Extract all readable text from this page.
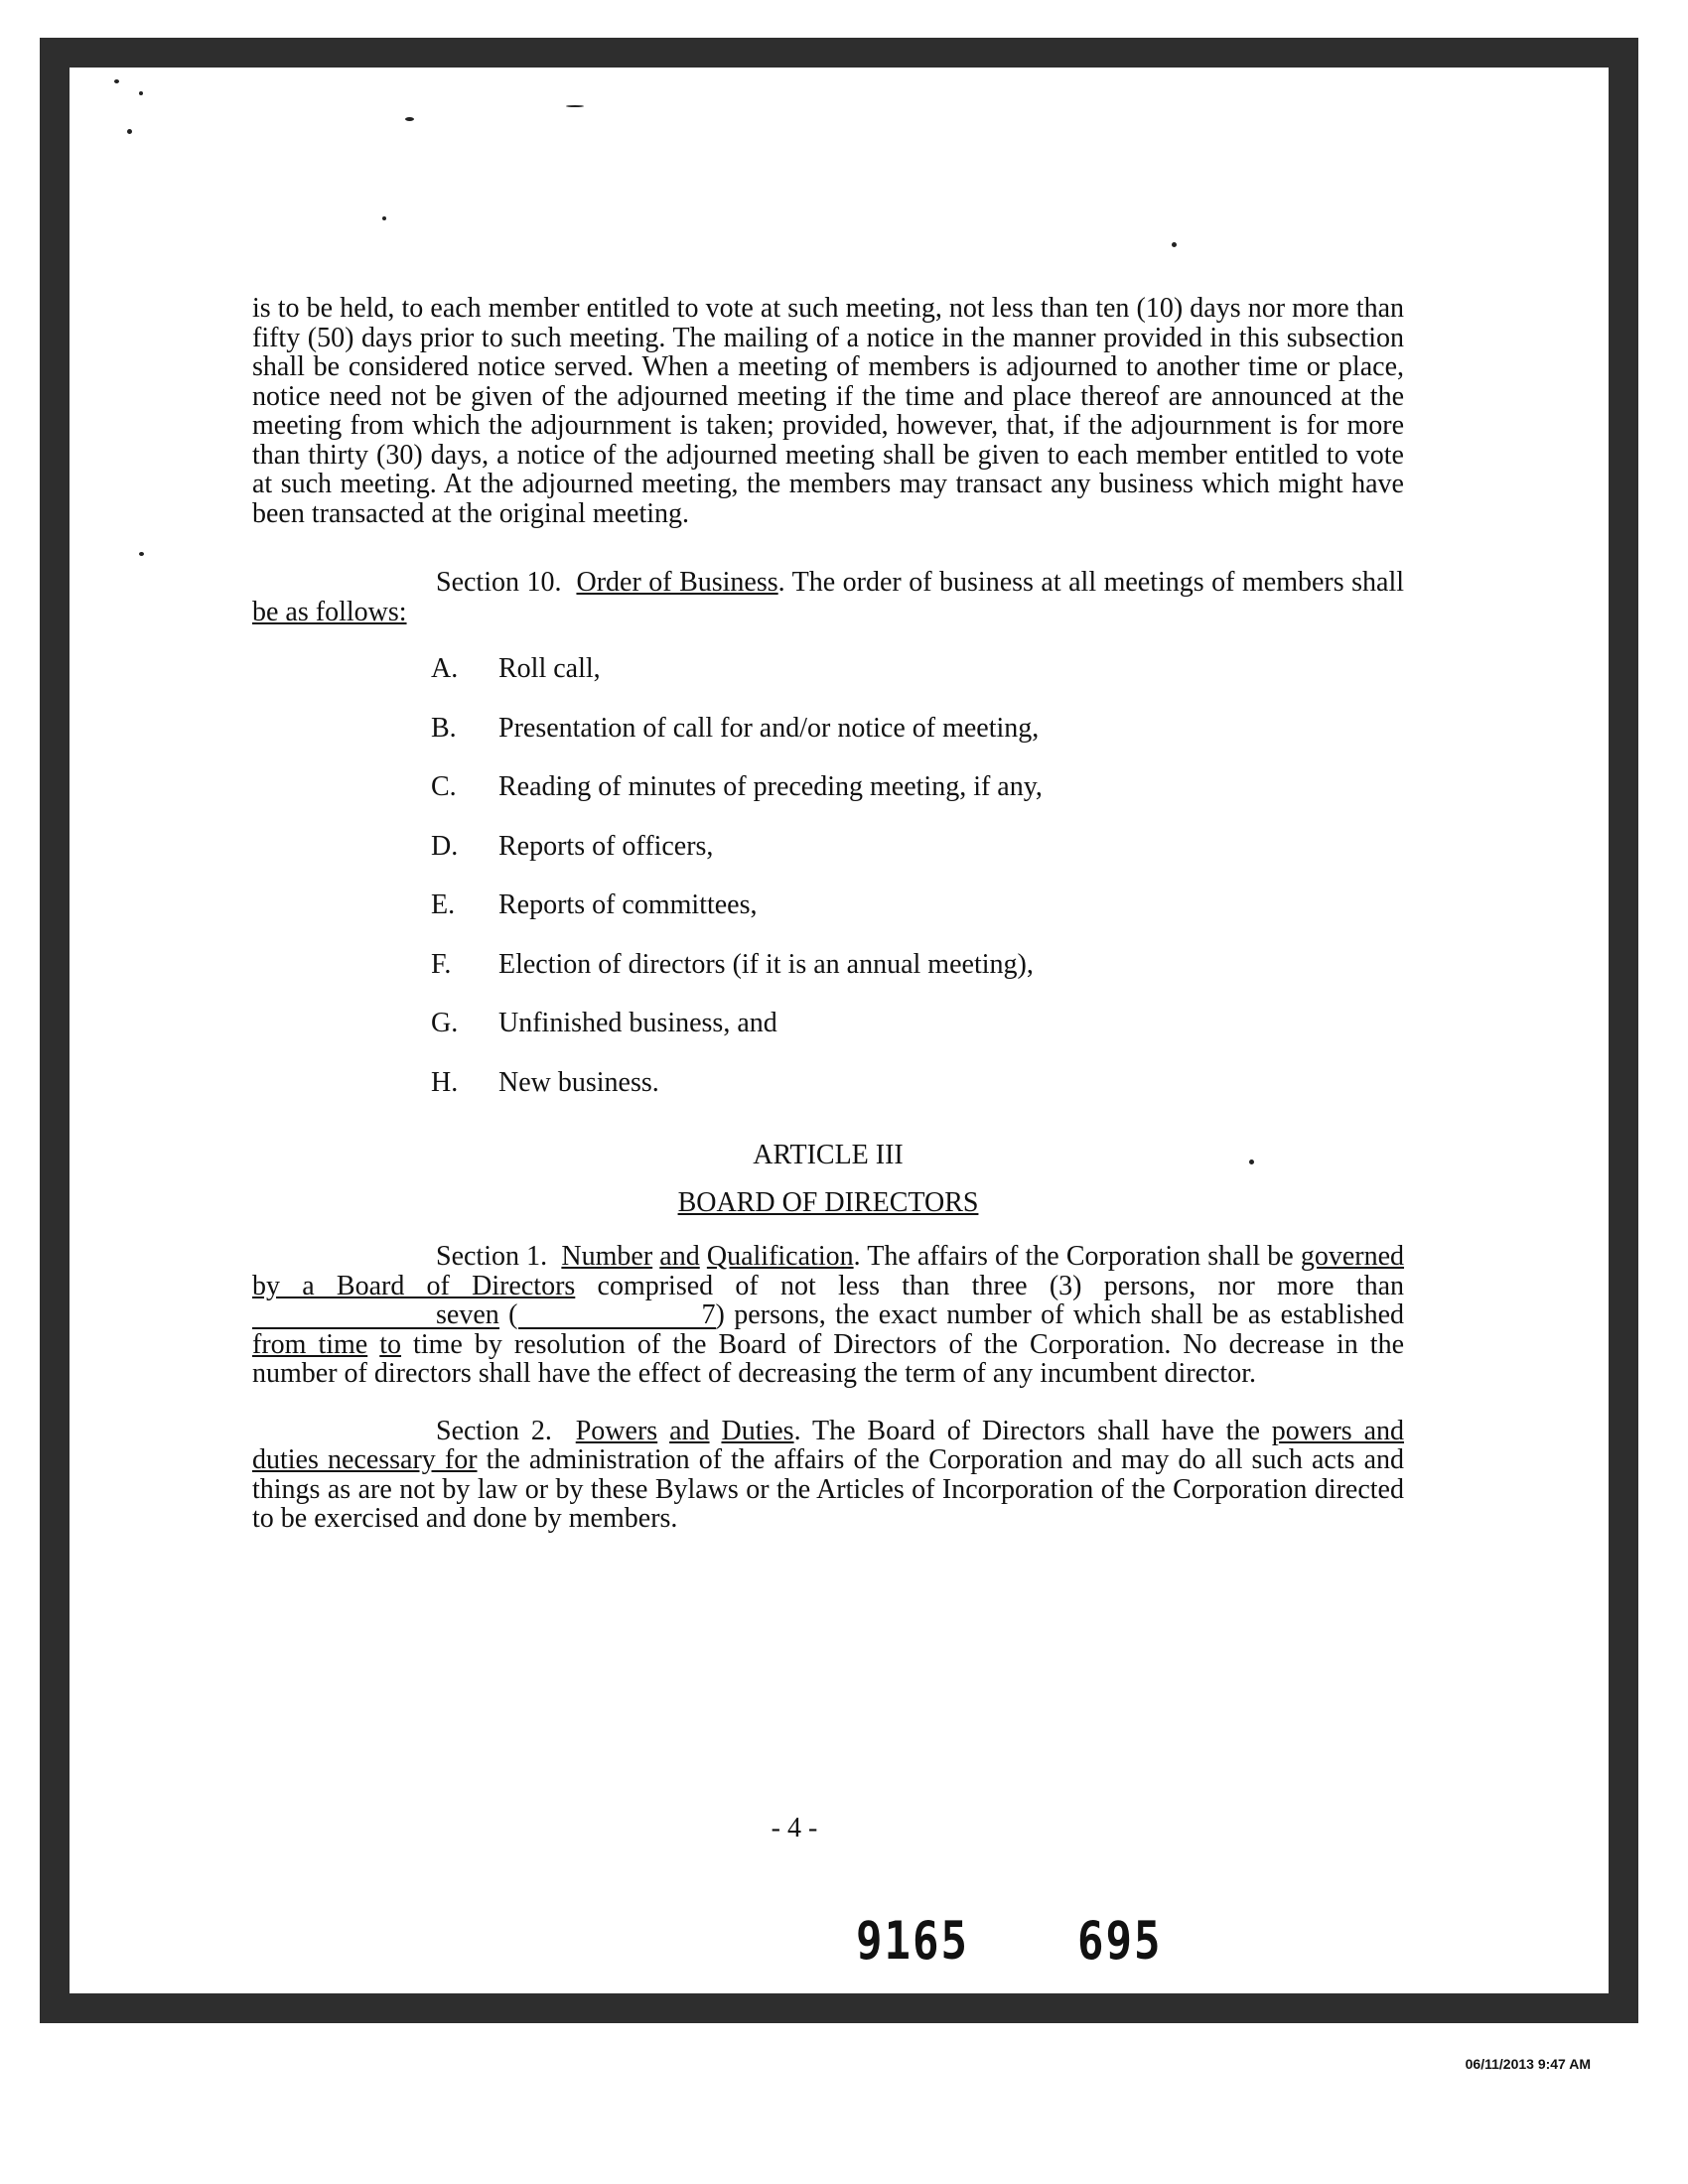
is to be held, to each member entitled to vote at such meeting, not less than ten (10) days nor more than fifty (50) days prior to such meeting. The mailing of a notice in the manner provided in this subsection shall be considered notice served. When a meeting of members is adjourned to another time or place, notice need not be given of the adjourned meeting if the time and place thereof are announced at the meeting from which the adjournment is taken; provided, however, that, if the adjournment is for more than thirty (30) days, a notice of the adjourned meeting shall be given to each member entitled to vote at such meeting. At the adjourned meeting, the members may transact any business which might have been transacted at the original meeting.

Section 10. Order of Business. The order of business at all meetings of members shall be as follows:

A.	Roll call,
B.	Presentation of call for and/or notice of meeting,
C.	Reading of minutes of preceding meeting, if any,
D.	Reports of officers,
E.	Reports of committees,
F.	Election of directors (if it is an annual meeting),
G.	Unfinished business, and
H.	New business.

ARTICLE III

BOARD OF DIRECTORS

Section 1. Number and Qualification. The affairs of the Corporation shall be governed by a Board of Directors comprised of not less than three (3) persons, nor more than seven (	7) persons, the exact number of which shall be as established from time to time by resolution of the Board of Directors of the Corporation. No decrease in the number of directors shall have the effect of decreasing the term of any incumbent director.

Section 2. Powers and Duties. The Board of Directors shall have the powers and duties necessary for the administration of the affairs of the Corporation and may do all such acts and things as are not by law or by these Bylaws or the Articles of Incorporation of the Corporation directed to be exercised and done by members.

- 4 -
9165 695
06/11/2013 9:47 AM
